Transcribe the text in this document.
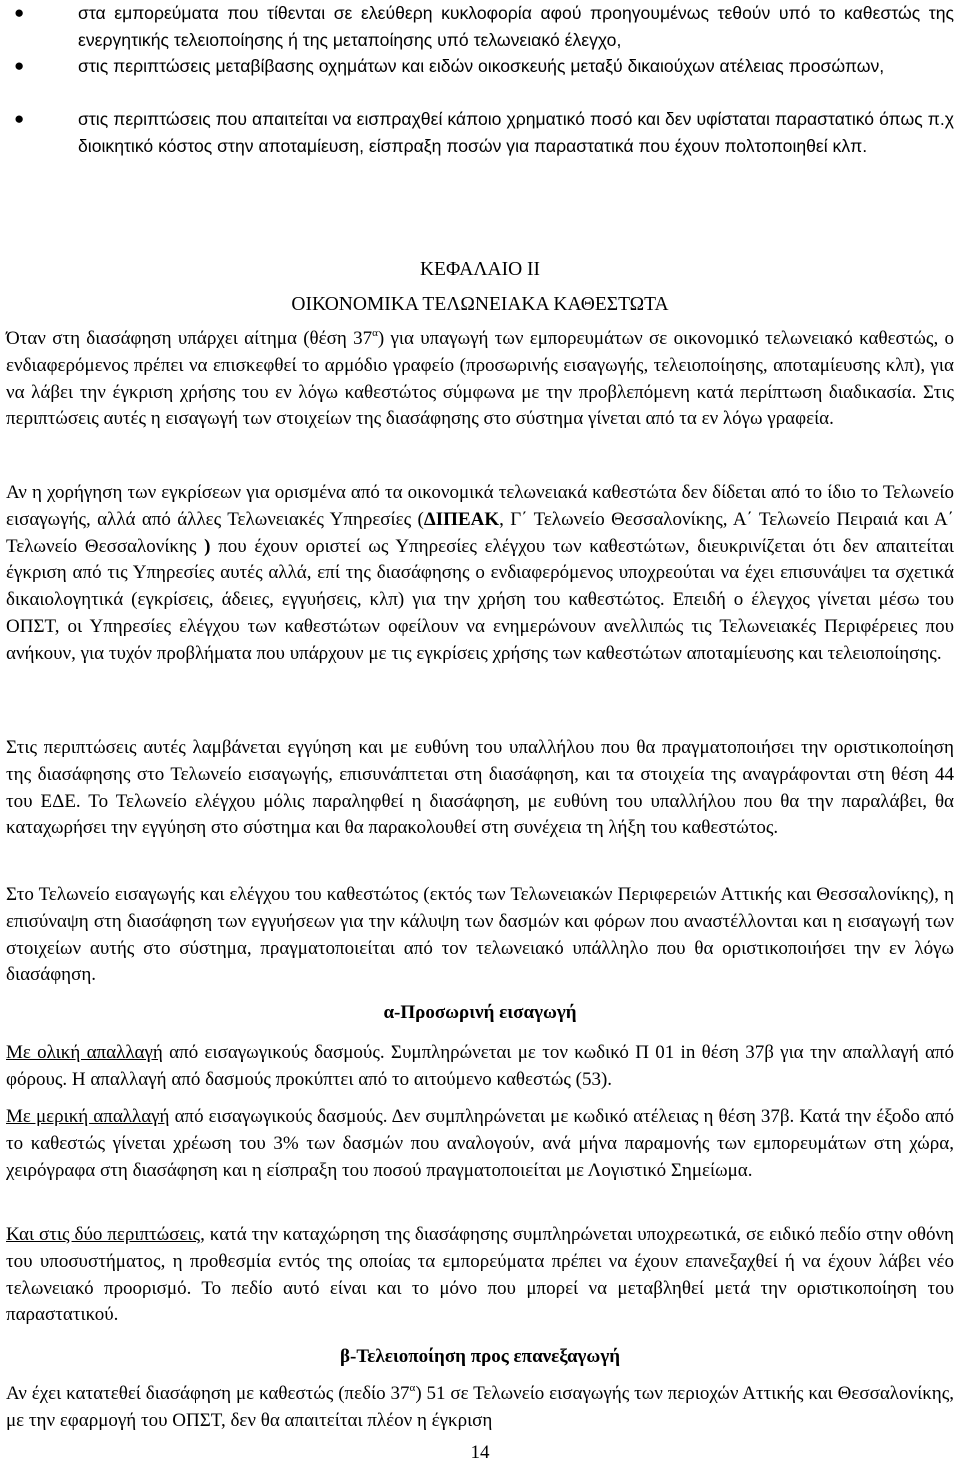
●	στα εμπορεύματα που τίθενται σε ελεύθερη κυκλοφορία αφού προηγουμένως τεθούν υπό το καθεστώς της ενεργητικής τελειοποίησης ή της μεταποίησης υπό τελωνειακό έλεγχο,
●	στις περιπτώσεις μεταβίβασης οχημάτων και ειδών οικοσκευής μεταξύ δικαιούχων ατέλειας προσώπων,
●	στις περιπτώσεις που απαιτείται να εισπραχθεί κάποιο χρηματικό ποσό και δεν υφίσταται παραστατικό όπως π.χ διοικητικό κόστος στην αποταμίευση, είσπραξη ποσών για παραστατικά που έχουν πολτοποιηθεί κλπ.
ΚΕΦΑΛΑΙΟ ΙΙ
ΟΙΚΟΝΟΜΙΚΑ ΤΕΛΩΝΕΙΑΚΑ ΚΑΘΕΣΤΩΤΑ

Όταν στη διασάφηση υπάρχει αίτημα (θέση $37^\alpha$) για υπαγωγή των εμπορευμάτων σε οικονομικό τελωνειακό καθεστώς, ο ενδιαφερόμενος πρέπει να επισκεφθεί το αρμόδιο γραφείο (προσωρινής εισαγωγής, τελειοποίησης, αποταμίευσης κλπ), για να λάβει την έγκριση χρήσης του εν λόγω καθεστώτος σύμφωνα με την προβλεπόμενη κατά περίπτωση διαδικασία. Στις περιπτώσεις αυτές η εισαγωγή των στοιχείων της διασάφησης στο σύστημα γίνεται από τα εν λόγω γραφεία.

Αν η χορήγηση των εγκρίσεων για ορισμένα από τα οικονομικά τελωνειακά καθεστώτα δεν δίδεται από το ίδιο το Τελωνείο εισαγωγής, αλλά από άλλες Τελωνειακές Υπηρεσίες (ΔΙΠΕΑΚ, Γ΄ Τελωνείο Θεσσαλονίκης, Α΄ Τελωνείο Πειραιά και Α΄ Τελωνείο Θεσσαλονίκης ) που έχουν οριστεί ως Υπηρεσίες ελέγχου των καθεστώτων, διευκρινίζεται ότι δεν απαιτείται έγκριση από τις Υπηρεσίες αυτές αλλά, επί της διασάφησης ο ενδιαφερόμενος υποχρεούται να έχει επισυνάψει τα σχετικά δικαιολογητικά (εγκρίσεις, άδειες, εγγυήσεις, κλπ) για την χρήση του καθεστώτος. Επειδή ο έλεγχος γίνεται μέσω του ΟΠΣΤ, οι Υπηρεσίες ελέγχου των καθεστώτων οφείλουν να ενημερώνουν ανελλιπώς τις Τελωνειακές Περιφέρειες που ανήκουν, για τυχόν προβλήματα που υπάρχουν με τις εγκρίσεις χρήσης των καθεστώτων αποταμίευσης και τελειοποίησης.

Στις περιπτώσεις αυτές λαμβάνεται εγγύηση και με ευθύνη του υπαλλήλου που θα πραγματοποιήσει την οριστικοποίηση της διασάφησης στο Τελωνείο εισαγωγής, επισυνάπτεται στη διασάφηση, και τα στοιχεία της αναγράφονται στη θέση 44 του ΕΔΕ. Το Τελωνείο ελέγχου μόλις παραληφθεί η διασάφηση, με ευθύνη του υπαλλήλου που θα την παραλάβει, θα καταχωρήσει την εγγύηση στο σύστημα και θα παρακολουθεί στη συνέχεια τη λήξη του καθεστώτος.

Στο Τελωνείο εισαγωγής και ελέγχου του καθεστώτος (εκτός των Τελωνειακών Περιφερειών Αττικής και Θεσσαλονίκης), η επισύναψη στη διασάφηση των εγγυήσεων για την κάλυψη των δασμών και φόρων που αναστέλλονται και η εισαγωγή των στοιχείων αυτής στο σύστημα, πραγματοποιείται από τον τελωνειακό υπάλληλο που θα οριστικοποιήσει την εν λόγω διασάφηση.

α-Προσωρινή εισαγωγή

Με ολική απαλλαγή από εισαγωγικούς δασμούς. Συμπληρώνεται με τον κωδικό Π 01 in θέση 37β για την απαλλαγή από φόρους. Η απαλλαγή από δασμούς προκύπτει από το αιτούμενο καθεστώς (53).

Με μερική απαλλαγή από εισαγωγικούς δασμούς. Δεν συμπληρώνεται με κωδικό ατέλειας η θέση 37β. Κατά την έξοδο από το καθεστώς γίνεται χρέωση του 3% των δασμών που αναλογούν, ανά μήνα παραμονής των εμπορευμάτων στη χώρα, χειρόγραφα στη διασάφηση και η είσπραξη του ποσού πραγματοποιείται με Λογιστικό Σημείωμα.

Και στις δύο περιπτώσεις, κατά την καταχώρηση της διασάφησης συμπληρώνεται υποχρεωτικά, σε ειδικό πεδίο στην οθόνη του υποσυστήματος, η προθεσμία εντός της οποίας τα εμπορεύματα πρέπει να έχουν επανεξαχθεί ή να έχουν λάβει νέο τελωνειακό προορισμό. Το πεδίο αυτό είναι και το μόνο που μπορεί να μεταβληθεί μετά την οριστικοποίηση του παραστατικού.

β-Τελειοποίηση προς επανεξαγωγή

Αν έχει κατατεθεί διασάφηση με καθεστώς (πεδίο $37^\alpha$) 51 σε Τελωνείο εισαγωγής των περιοχών Αττικής και Θεσσαλονίκης, με την εφαρμογή του ΟΠΣΤ, δεν θα απαιτείται πλέον η έγκριση

14
